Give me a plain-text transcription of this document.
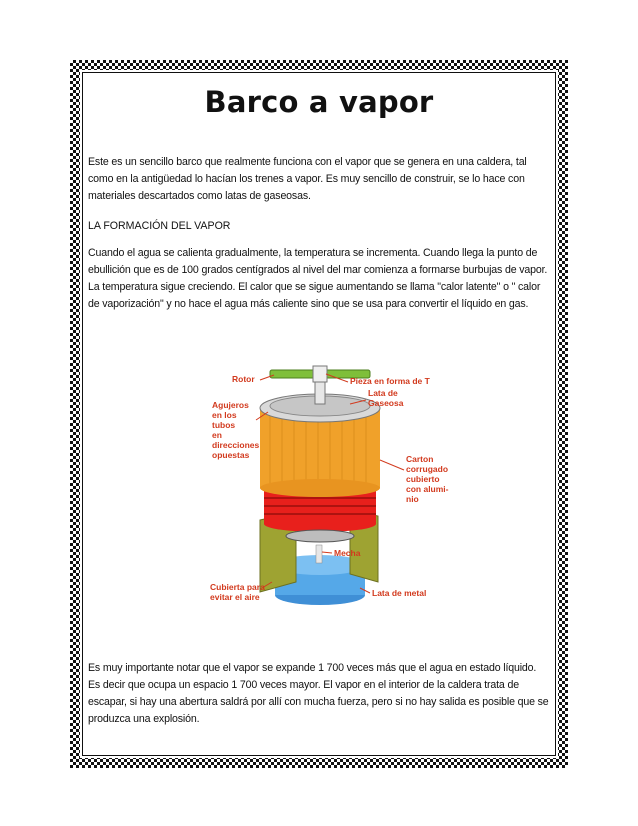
Barco a vapor

Este es un sencillo barco que realmente funciona con el vapor que se genera en una caldera, tal como en la antigüedad lo hacían los trenes a vapor. Es muy sencillo de construir, se lo hace con materiales descartados como latas de gaseosas.

LA FORMACIÓN DEL VAPOR

Cuando el agua se calienta gradualmente, la temperatura se incrementa. Cuando llega la punto de ebullición que es de 100 grados centígrados al nivel del mar comienza a formarse burbujas de vapor. La temperatura sigue creciendo. El calor que se sigue aumentando se llama "calor latente" o " calor de vaporización" y no hace el agua más caliente sino que se usa para convertir el líquido en gas.

Es muy importante notar que el vapor se expande 1 700 veces más que el agua en estado líquido. Es decir que ocupa un espacio 1 700 veces mayor. El vapor en el interior de la caldera trata de escapar, si hay una abertura saldrá por allí con mucha fuerza, pero si no hay salida es posible que se produzca una explosión.

Rotor	Pieza en forma de T
Lata de
Gaseosa
Agujeros
en los
tubos
en
direcciones
opuestas	Carton
corrugado
cubierto
con alumi-
nio
Mecha
Cubierta para
evitar el aire	Lata de metal
